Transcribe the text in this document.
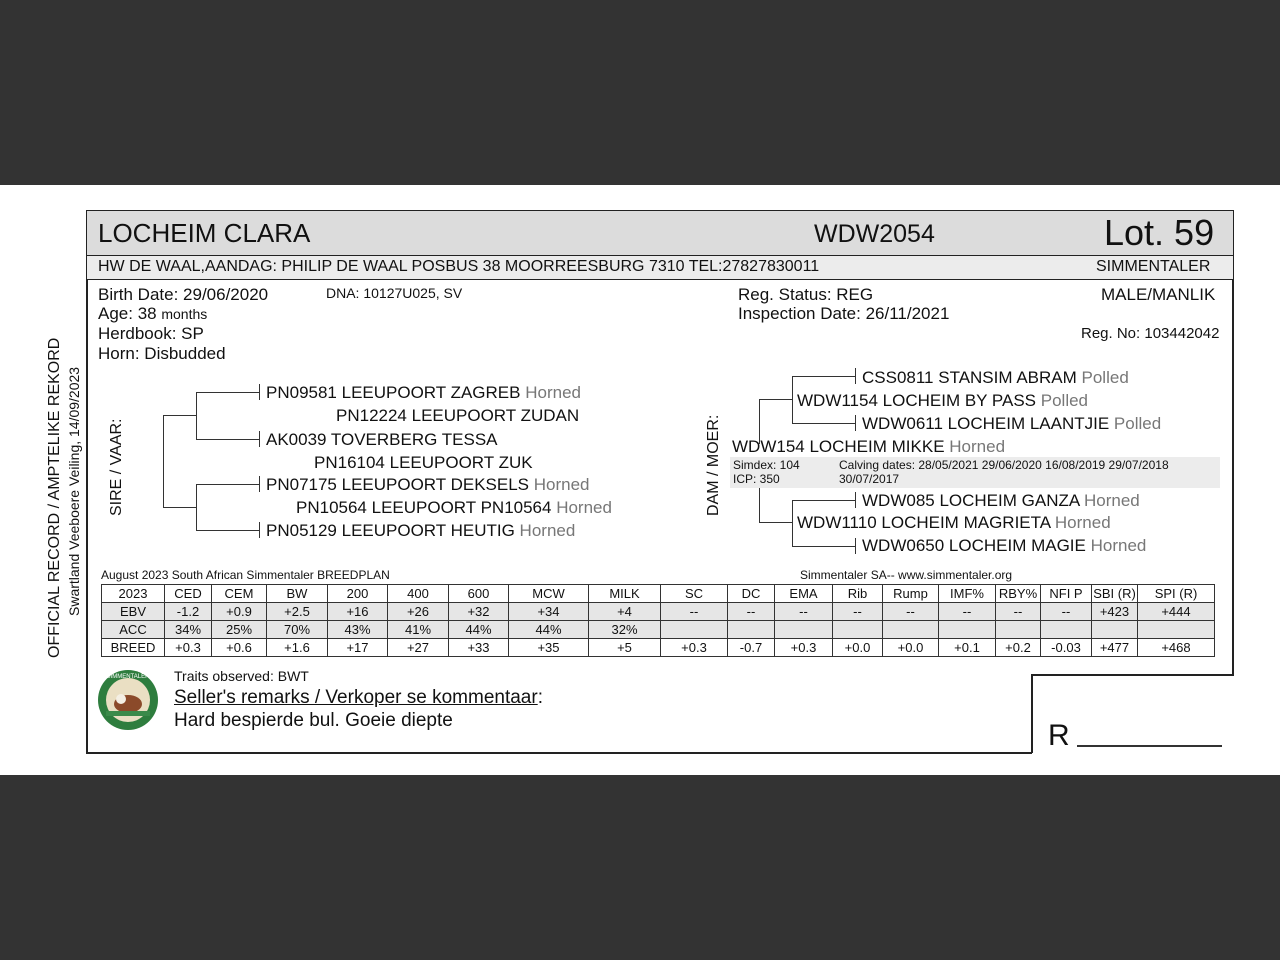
LOCHEIM CLARA	WDW2054	Lot. 59
HW DE WAAL,AANDAG: PHILIP DE WAAL POSBUS 38 MOORREESBURG 7310 TEL:27827830011	SIMMENTALER
OFFICIAL RECORD / AMPTELIKE REKORD Swartland Veeboere Veiling, 14/09/2023
Birth Date: 29/06/2020	DNA: 10127U025, SV
Age: 38 months
Herdbook: SP
Horn: Disbudded
Reg. Status: REG
Inspection Date: 26/11/2021
MALE/MANLIK
Reg. No: 103442042
SIRE / VAAR:
PN09581 LEEUPOORT ZAGREB Horned
PN12224 LEEUPOORT ZUDAN
AK0039 TOVERBERG TESSA
PN16104 LEEUPOORT ZUK
PN07175 LEEUPOORT DEKSELS Horned
PN10564 LEEUPOORT PN10564 Horned
PN05129 LEEUPOORT HEUTIG Horned
DAM / MOER:
CSS0811 STANSIM ABRAM Polled
WDW1154 LOCHEIM BY PASS Polled
WDW0611 LOCHEIM LAANTJIE Polled
WDW154 LOCHEIM MIKKE Horned
Simdex: 104
ICP: 350
Calving dates: 28/05/2021 29/06/2020 16/08/2019 29/07/2018
30/07/2017
WDW085 LOCHEIM GANZA Horned
WDW1110 LOCHEIM MAGRIETA Horned
WDW0650 LOCHEIM MAGIE Horned
August 2023 South African Simmentaler BREEDPLAN	Simmentaler SA-- www.simmentaler.org
2023	CED	CEM	BW	200	400	600	MCW	MILK	SC	DC	EMA	Rib	Rump	IMF%	RBY%	NFI P	SBI (R)	SPI (R)
EBV	-1.2	+0.9	+2.5	+16	+26	+32	+34	+4	--	--	--	--	--	--	--	--	+423	+444
ACC	34%	25%	70%	43%	41%	44%	44%	32%										
BREED	+0.3	+0.6	+1.6	+17	+27	+33	+35	+5	+0.3	-0.7	+0.3	+0.0	+0.0	+0.1	+0.2	-0.03	+477	+468
SIMMENTALER Traits observed: BWT
Seller's remarks / Verkoper se kommentaar:
Hard bespierde bul. Goeie diepte	R
